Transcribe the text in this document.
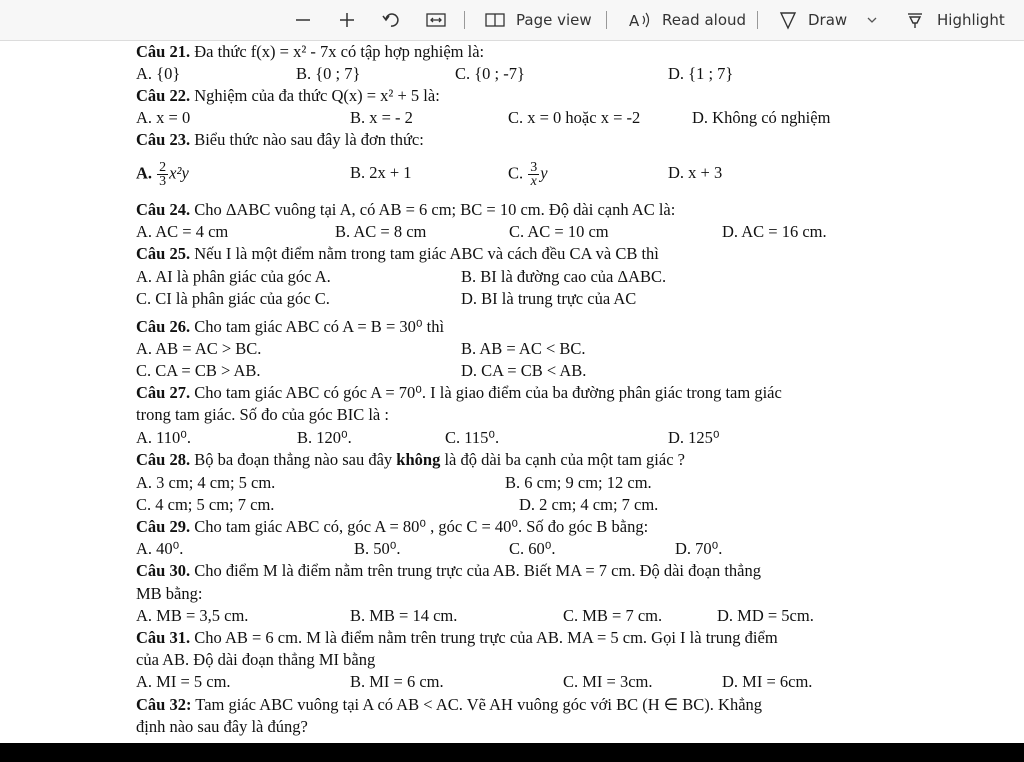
Page view A Read aloud	Draw	Highlight
Câu 21. Đa thức f(x) = x² - 7x có tập hợp nghiệm là:
A. {0}	B. {0 ; 7}	C. {0 ; -7}	D. {1 ; 7}
Câu 22. Nghiệm của đa thức Q(x) = x² + 5 là:
A. x = 0	B. x = - 2	C. x = 0 hoặc x = -2	D. Không có nghiệm
Câu 23. Biểu thức nào sau đây là đơn thức:
A. $\frac{2}{3} x^2y$	B. 2x + 1	C. $\frac{3}{x}y$	D. x + 3
Câu 24. Cho ΔABC vuông tại A, có AB = 6 cm; BC = 10 cm. Độ dài cạnh AC là:
A. AC = 4 cm	B. AC = 8 cm	C. AC = 10 cm	D. AC = 16 cm.
Câu 25. Nếu I là một điểm nằm trong tam giác ABC và cách đều CA và CB thì
A. AI là phân giác của góc A.	B. BI là đường cao của ΔABC.
C. CI là phân giác của góc C.	D. BI là trung trực của AC
Câu 26. Cho tam giác ABC có A = B = 30⁰ thì
A. AB = AC > BC.	B. AB = AC < BC.
C. CA = CB > AB.	D. CA = CB < AB.
Câu 27. Cho tam giác ABC có góc A = 70⁰. I là giao điểm của ba đường phân giác trong tam giác
trong tam giác. Số đo của góc BIC là :
A. 110⁰.	B. 120⁰.	C. 115⁰.	D. 125⁰
Câu 28. Bộ ba đoạn thẳng nào sau đây không là độ dài ba cạnh của một tam giác ?
A. 3 cm; 4 cm; 5 cm.	B. 6 cm; 9 cm; 12 cm.
C. 4 cm; 5 cm; 7 cm.	D. 2 cm; 4 cm; 7 cm.
Câu 29. Cho tam giác ABC có, góc A = 80⁰ , góc C = 40⁰. Số đo góc B bằng:
A. 40⁰.	B. 50⁰.	C. 60⁰.	D. 70⁰.
Câu 30. Cho điểm M là điểm nằm trên trung trực của AB. Biết MA = 7 cm. Độ dài đoạn thẳng
MB bằng:
A. MB = 3,5 cm.	B. MB = 14 cm.	C. MB = 7 cm.	D. MD = 5cm.
Câu 31. Cho AB = 6 cm. M là điểm nằm trên trung trực của AB. MA = 5 cm. Gọi I là trung điểm
của AB. Độ dài đoạn thẳng MI bằng
A. MI = 5 cm.	B. MI = 6 cm.	C. MI = 3cm.	D. MI = 6cm.
Câu 32: Tam giác ABC vuông tại A có AB < AC. Vẽ AH vuông góc với BC (H ∈ BC). Khẳng
định nào sau đây là đúng?
